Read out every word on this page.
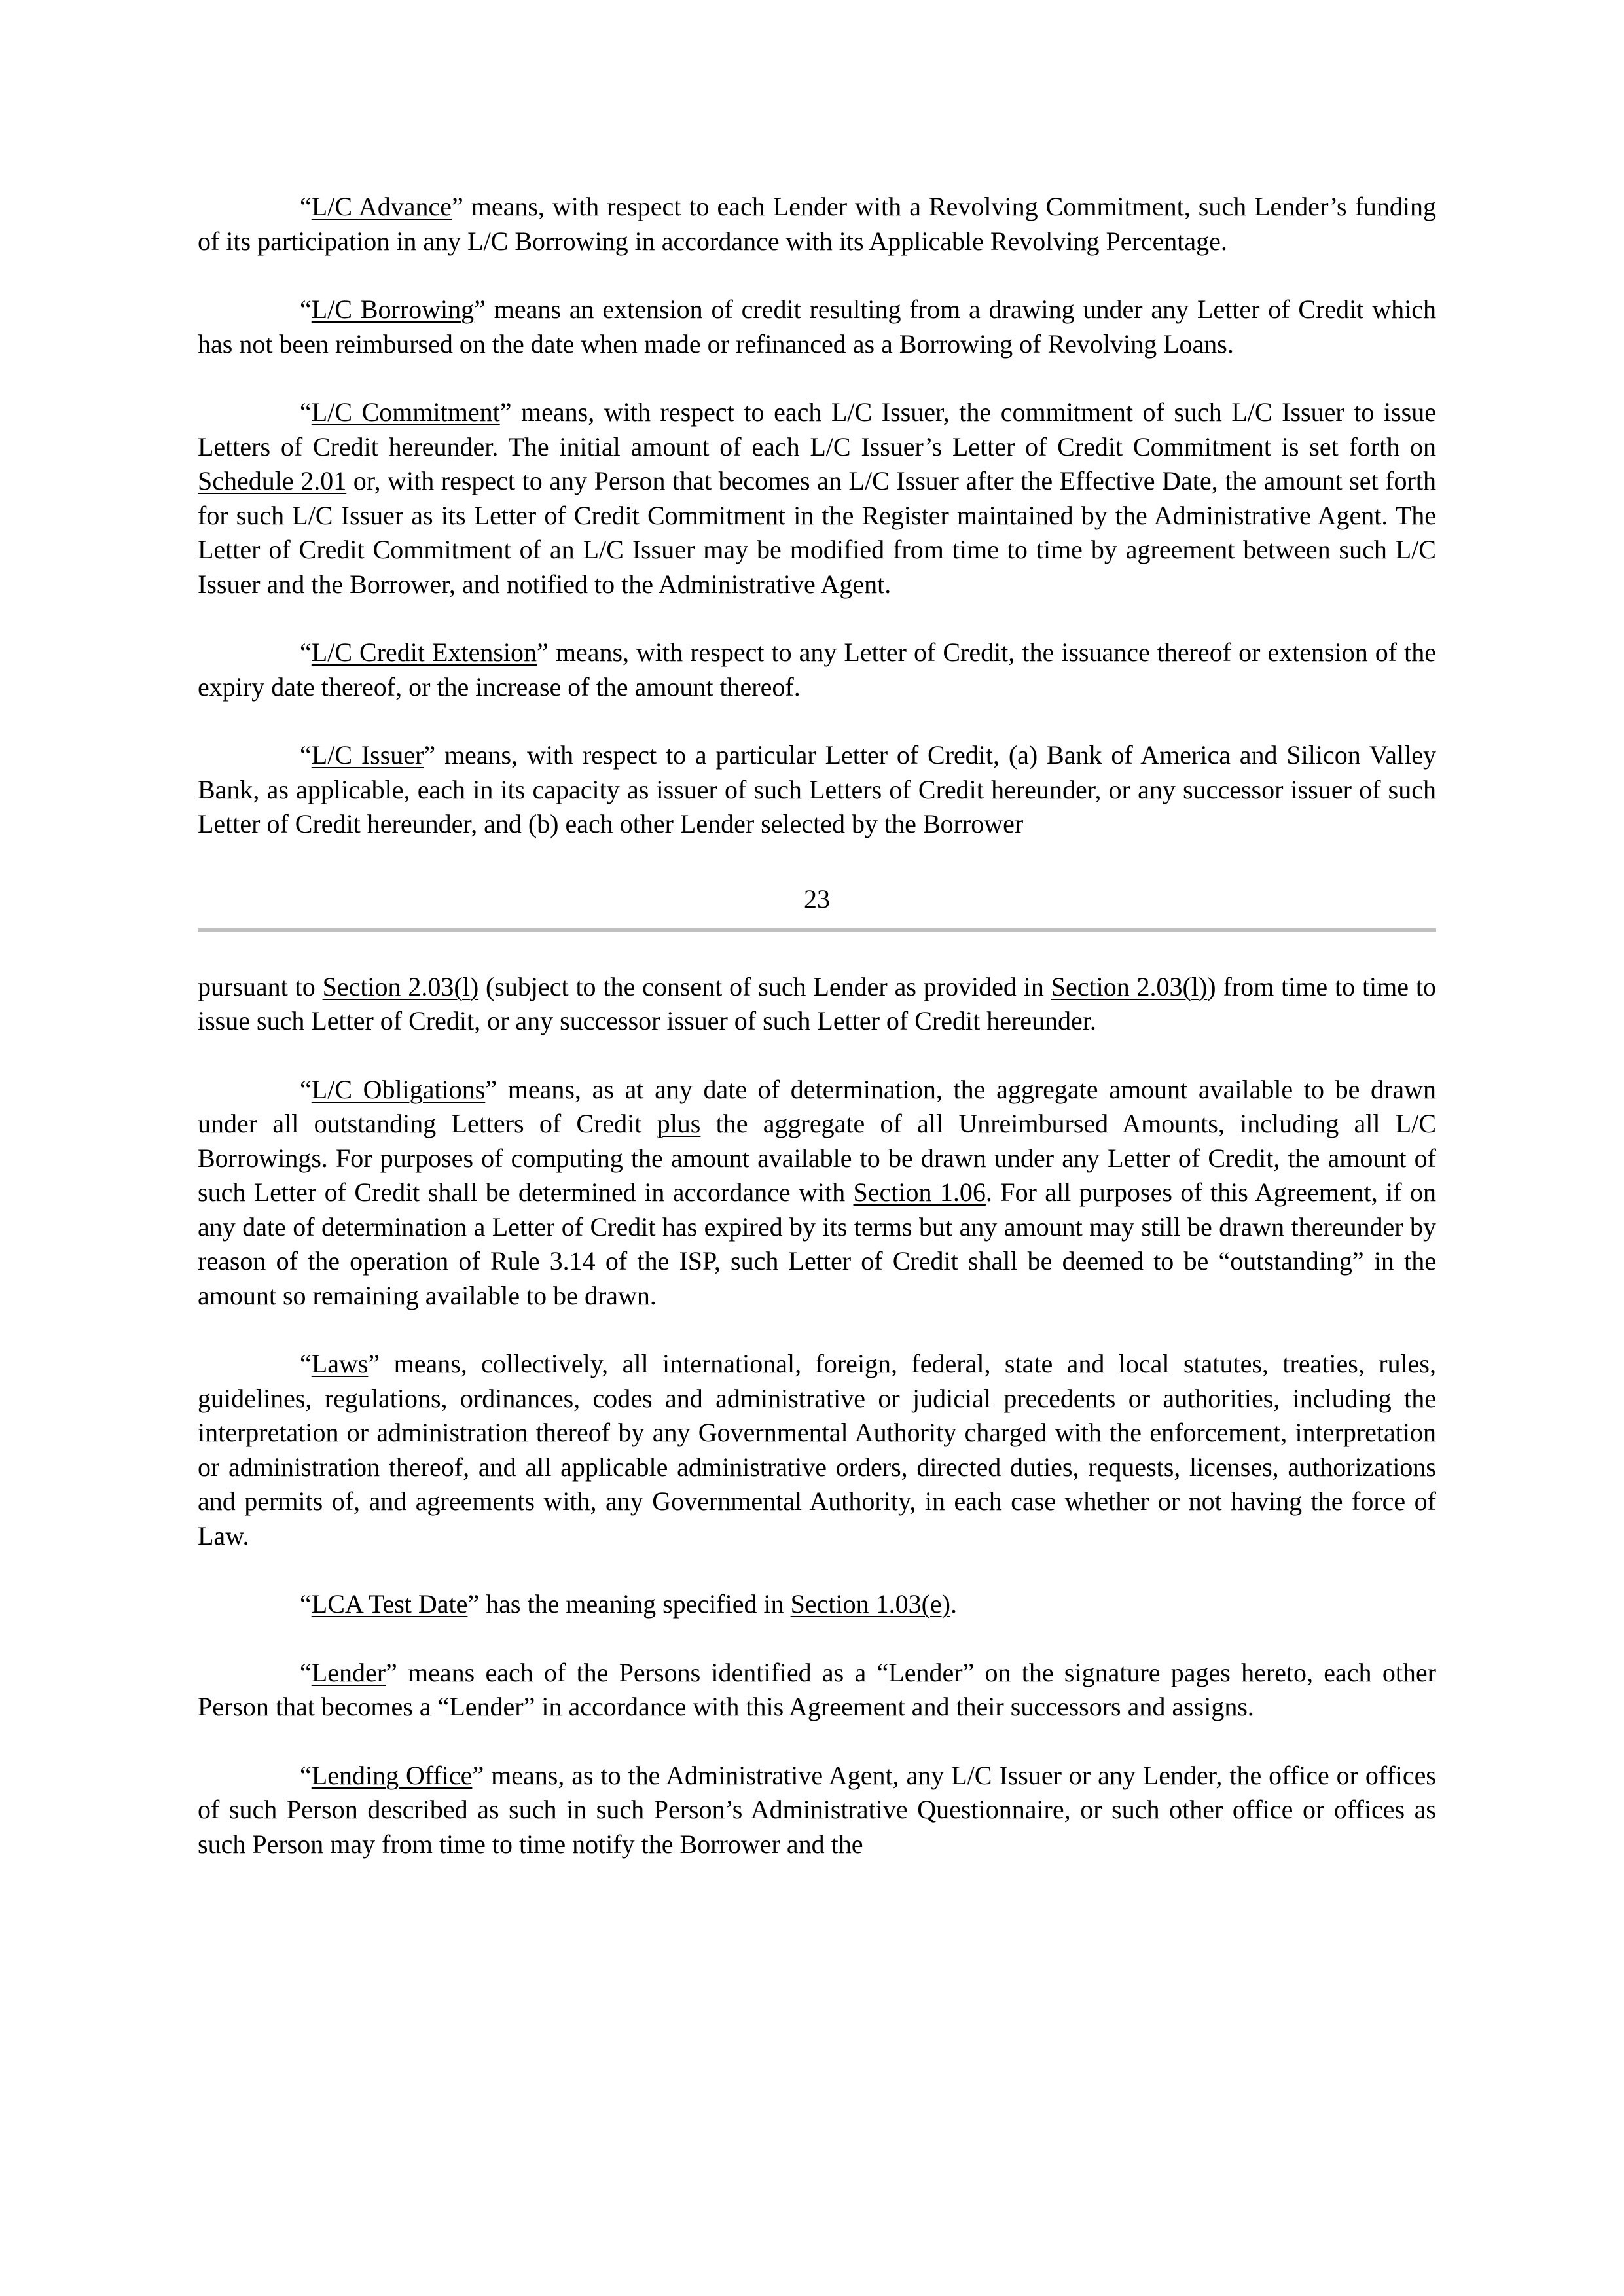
“L/C Advance” means, with respect to each Lender with a Revolving Commitment, such Lender’s funding of its participation in any L/C Borrowing in accordance with its Applicable Revolving Percentage.

“L/C Borrowing” means an extension of credit resulting from a drawing under any Letter of Credit which has not been reimbursed on the date when made or refinanced as a Borrowing of Revolving Loans.

“L/C Commitment” means, with respect to each L/C Issuer, the commitment of such L/C Issuer to issue Letters of Credit hereunder. The initial amount of each L/C Issuer’s Letter of Credit Commitment is set forth on Schedule 2.01 or, with respect to any Person that becomes an L/C Issuer after the Effective Date, the amount set forth for such L/C Issuer as its Letter of Credit Commitment in the Register maintained by the Administrative Agent. The Letter of Credit Commitment of an L/C Issuer may be modified from time to time by agreement between such L/C Issuer and the Borrower, and notified to the Administrative Agent.

“L/C Credit Extension” means, with respect to any Letter of Credit, the issuance thereof or extension of the expiry date thereof, or the increase of the amount thereof.

“L/C Issuer” means, with respect to a particular Letter of Credit, (a) Bank of America and Silicon Valley Bank, as applicable, each in its capacity as issuer of such Letters of Credit hereunder, or any successor issuer of such Letter of Credit hereunder, and (b) each other Lender selected by the Borrower

23

pursuant to Section 2.03(l) (subject to the consent of such Lender as provided in Section 2.03(l)) from time to time to issue such Letter of Credit, or any successor issuer of such Letter of Credit hereunder.

“L/C Obligations” means, as at any date of determination, the aggregate amount available to be drawn under all outstanding Letters of Credit plus the aggregate of all Unreimbursed Amounts, including all L/C Borrowings. For purposes of computing the amount available to be drawn under any Letter of Credit, the amount of such Letter of Credit shall be determined in accordance with Section 1.06. For all purposes of this Agreement, if on any date of determination a Letter of Credit has expired by its terms but any amount may still be drawn thereunder by reason of the operation of Rule 3.14 of the ISP, such Letter of Credit shall be deemed to be “outstanding” in the amount so remaining available to be drawn.

“Laws” means, collectively, all international, foreign, federal, state and local statutes, treaties, rules, guidelines, regulations, ordinances, codes and administrative or judicial precedents or authorities, including the interpretation or administration thereof by any Governmental Authority charged with the enforcement, interpretation or administration thereof, and all applicable administrative orders, directed duties, requests, licenses, authorizations and permits of, and agreements with, any Governmental Authority, in each case whether or not having the force of Law.

“LCA Test Date” has the meaning specified in Section 1.03(e).

“Lender” means each of the Persons identified as a “Lender” on the signature pages hereto, each other Person that becomes a “Lender” in accordance with this Agreement and their successors and assigns.

“Lending Office” means, as to the Administrative Agent, any L/C Issuer or any Lender, the office or offices of such Person described as such in such Person’s Administrative Questionnaire, or such other office or offices as such Person may from time to time notify the Borrower and the
